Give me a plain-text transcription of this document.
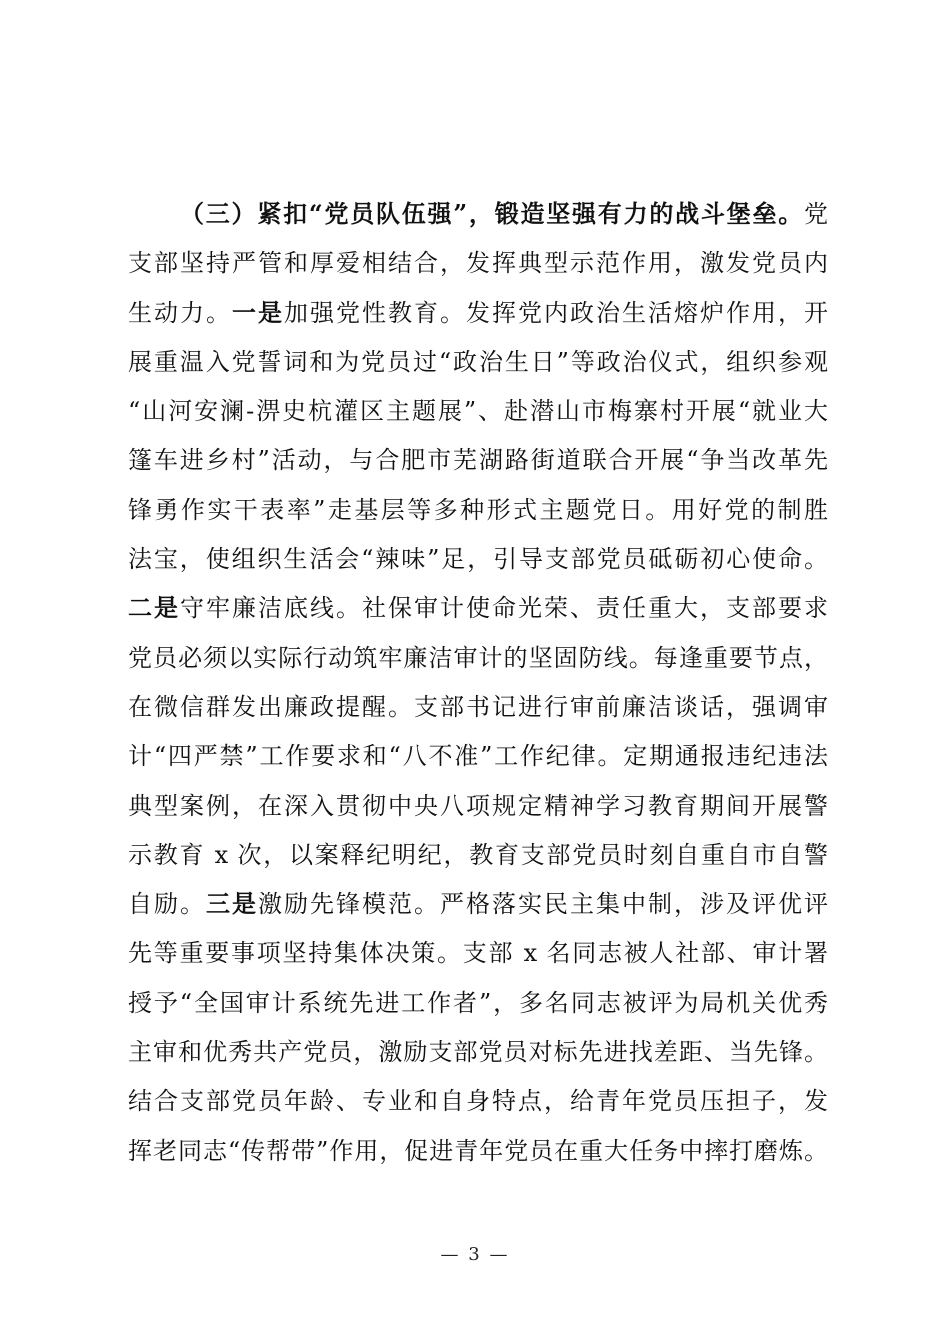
（三）紧扣“党员队伍强”，锻造坚强有力的战斗堡垒。党
支部坚持严管和厚爱相结合，发挥典型示范作用，激发党员内
生动力。一是加强党性教育。发挥党内政治生活熔炉作用，开
展重温入党誓词和为党员过“政治生日”等政治仪式，组织参观
“山河安澜-淠史杭灌区主题展”、赴潜山市梅寨村开展“就业大
篷车进乡村”活动，与合肥市芜湖路街道联合开展“争当改革先
锋勇作实干表率”走基层等多种形式主题党日。用好党的制胜
法宝，使组织生活会“辣味”足，引导支部党员砥砺初心使命。
二是守牢廉洁底线。社保审计使命光荣、责任重大，支部要求
党员必须以实际行动筑牢廉洁审计的坚固防线。每逢重要节点，
在微信群发出廉政提醒。支部书记进行审前廉洁谈话，强调审
计“四严禁”工作要求和“八不准”工作纪律。定期通报违纪违法
典型案例，在深入贯彻中央八项规定精神学习教育期间开展警
示教育 x 次，以案释纪明纪，教育支部党员时刻自重自市自警
自励。三是激励先锋模范。严格落实民主集中制，涉及评优评
先等重要事项坚持集体决策。支部 x 名同志被人社部、审计署
授予“全国审计系统先进工作者”，多名同志被评为局机关优秀
主审和优秀共产党员，激励支部党员对标先进找差距、当先锋。
结合支部党员年龄、专业和自身特点，给青年党员压担子，发
挥老同志“传帮带”作用，促进青年党员在重大任务中摔打磨炼。
— 3 —
